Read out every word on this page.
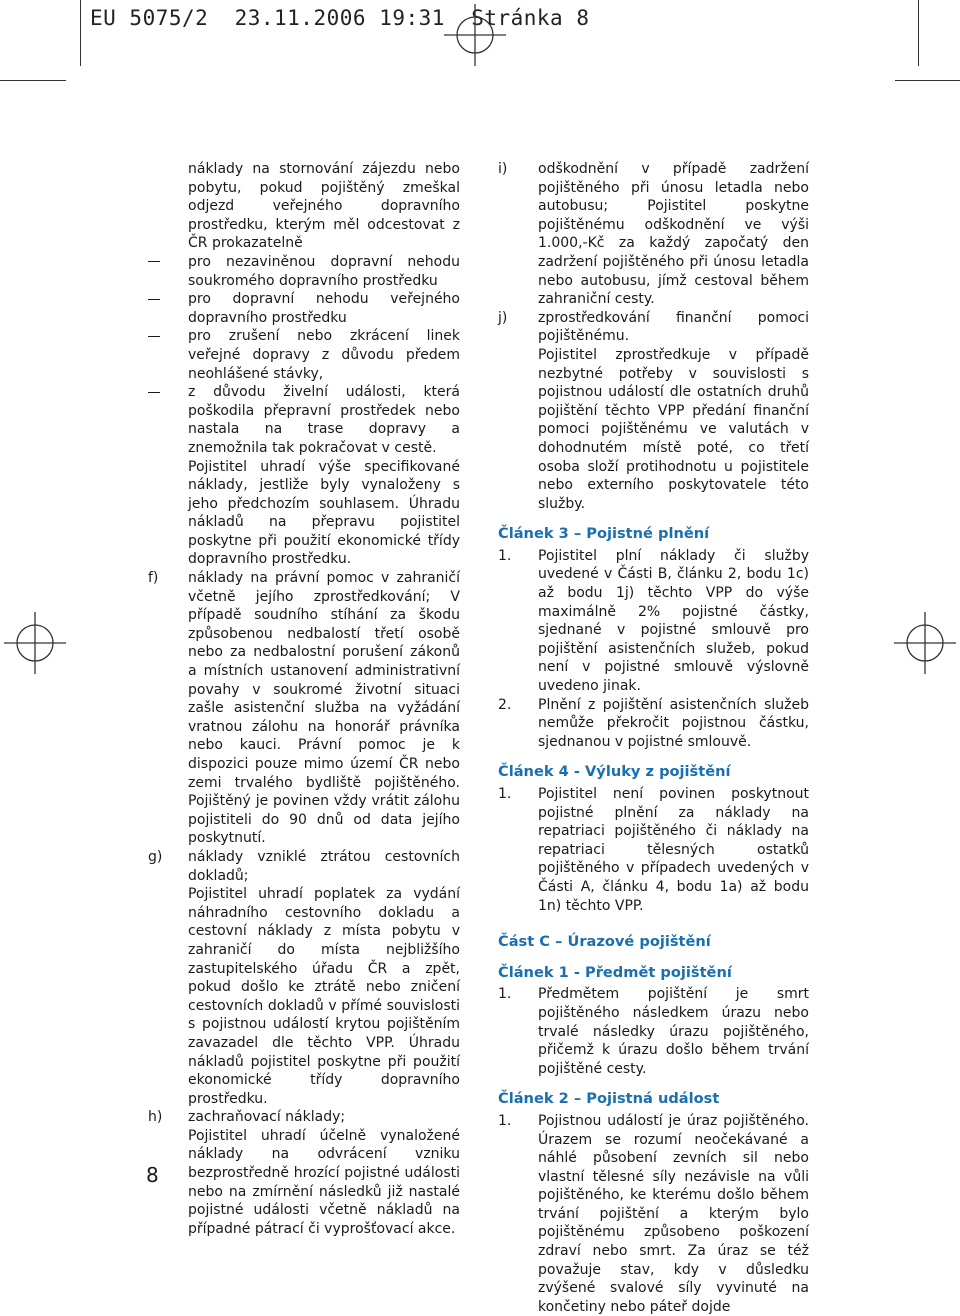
EU 5075/2 23.11.2006 19:31 Stránka 8

náklady na stornování zájezdu nebo pobytu, pokud pojištěný zmeškal odjezd veřejného dopravního prostředku, kterým měl odcestovat z ČR prokazatelně

pro nezaviněnou dopravní nehodu soukromého dopravního prostředku

pro dopravní nehodu veřejného dopravního prostředku

pro zrušení nebo zkrácení linek veřejné dopravy z důvodu předem neohlášené stávky,

z důvodu živelní události, která poškodila přepravní prostředek nebo nastala na trase dopravy a znemožnila tak pokračovat v cestě.

Pojistitel uhradí výše specifikované náklady, jestliže byly vynaloženy s jeho předchozím souhlasem. Úhradu nákladů na přepravu pojistitel poskytne při použití ekonomické třídy dopravního prostředku.

f) náklady na právní pomoc v zahraničí včetně jejího zprostředkování; V případě soudního stíhání za škodu způsobenou nedbalostí třetí osobě nebo za nedbalostní porušení zákonů a místních ustanovení administrativní povahy v soukromé životní situaci zašle asistenční služba na vyžádání vratnou zálohu na honorář právníka nebo kauci. Právní pomoc je k dispozici pouze mimo území ČR nebo zemi trvalého bydliště pojištěného. Pojištěný je povinen vždy vrátit zálohu pojistiteli do 90 dnů od data jejího poskytnutí.

g) náklady vzniklé ztrátou cestovních dokladů;

Pojistitel uhradí poplatek za vydání náhradního cestovního dokladu a cestovní náklady z místa pobytu v zahraničí do místa nejbližšího zastupitelského úřadu ČR a zpět, pokud došlo ke ztrátě nebo zničení cestovních dokladů v přímé souvislosti s pojistnou událostí krytou pojištěním zavazadel dle těchto VPP. Úhradu nákladů pojistitel poskytne při použití ekonomické třídy dopravního prostředku.

h) zachraňovací náklady;

Pojistitel uhradí účelně vynaložené náklady na odvrácení vzniku bezprostředně hrozící pojistné události nebo na zmírnění následků již nastalé pojistné události včetně nákladů na případné pátrací či vyprošťovací akce.

i) odškodnění v případě zadržení pojištěného při únosu letadla nebo autobusu; Pojistitel poskytne pojištěnému odškodnění ve výši 1.000,-Kč za každý započatý den zadržení pojištěného při únosu letadla nebo autobusu, jímž cestoval během zahraniční cesty.

j) zprostředkování finanční pomoci pojištěnému.

Pojistitel zprostředkuje v případě nezbytné potřeby v souvislosti s pojistnou událostí dle ostatních druhů pojištění těchto VPP předání finanční pomoci pojištěnému ve valutách v dohodnutém místě poté, co třetí osoba složí protihodnotu u pojistitele nebo externího poskytovatele této služby.

Článek 3 – Pojistné plnění
1. Pojistitel plní náklady či služby uvedené v Části B, článku 2, bodu 1c) až bodu 1j) těchto VPP do výše maximálně 2% pojistné částky, sjednané v pojistné smlouvě pro pojištění asistenčních služeb, pokud není v pojistné smlouvě výslovně uvedeno jinak.

2. Plnění z pojištění asistenčních služeb nemůže překročit pojistnou částku, sjednanou v pojistné smlouvě.

Článek 4 - Výluky z pojištění
1. Pojistitel není povinen poskytnout pojistné plnění za náklady na repatriaci pojištěného či náklady na repatriaci tělesných ostatků pojištěného v případech uvedených v Části A, článku 4, bodu 1a) až bodu 1n) těchto VPP.

Část C – Úrazové pojištění
Článek 1 - Předmět pojištění
1. Předmětem pojištění je smrt pojištěného následkem úrazu nebo trvalé následky úrazu pojištěného, přičemž k úrazu došlo během trvání pojištěné cesty.

Článek 2 – Pojistná událost
1. Pojistnou událostí je úraz pojištěného. Úrazem se rozumí neočekávané a náhlé působení zevních sil nebo vlastní tělesné síly nezávisle na vůli pojištěného, ke kterému došlo během trvání pojištění a kterým bylo pojištěnému způsobeno poškození zdraví nebo smrt. Za úraz se též považuje stav, kdy v důsledku zvýšené svalové síly vyvinuté na končetiny nebo páteř dojde

8
